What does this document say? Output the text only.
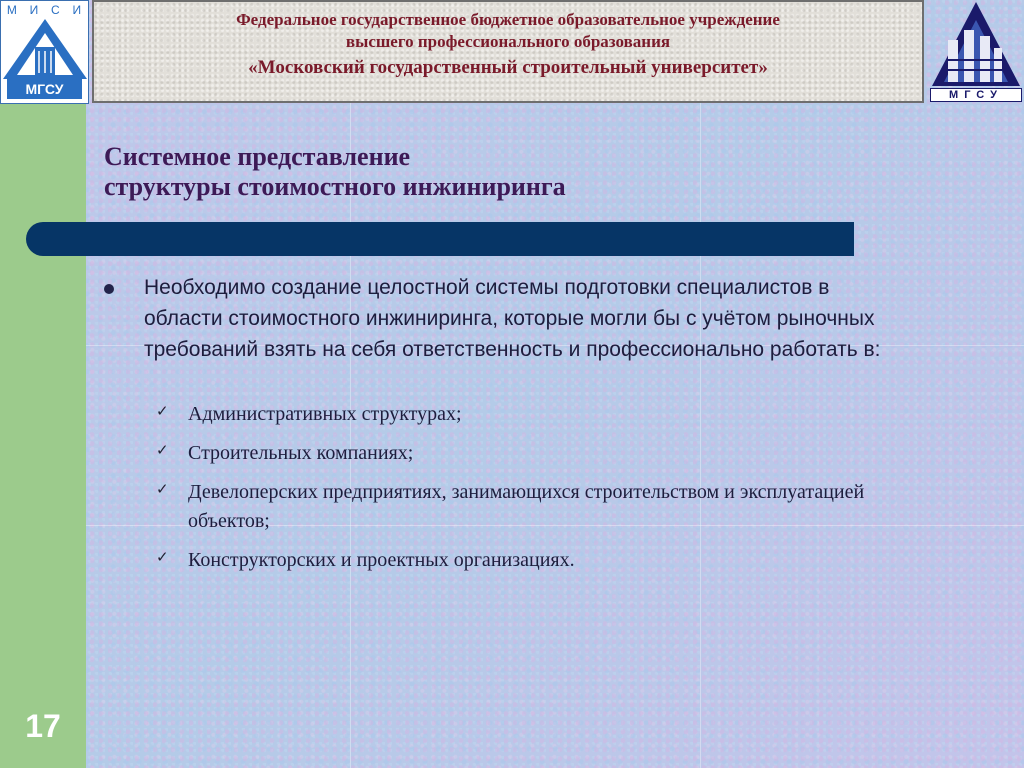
М И С И
МГСУ
Федеральное государственное бюджетное образовательное учреждение
высшего профессионального образования
«Московский государственный строительный университет»
МГСУ
Системное представление
структуры стоимостного инжиниринга
Необходимо создание целостной системы подготовки специалистов в области стоимостного инжиниринга, которые могли бы с учётом рыночных требований взять на себя ответственность и профессионально работать в:
✓ Административных структурах;
✓ Строительных компаниях;
✓ Девелоперских предприятиях, занимающихся строительством и эксплуатацией объектов;
✓ Конструкторских и проектных организациях.
17
